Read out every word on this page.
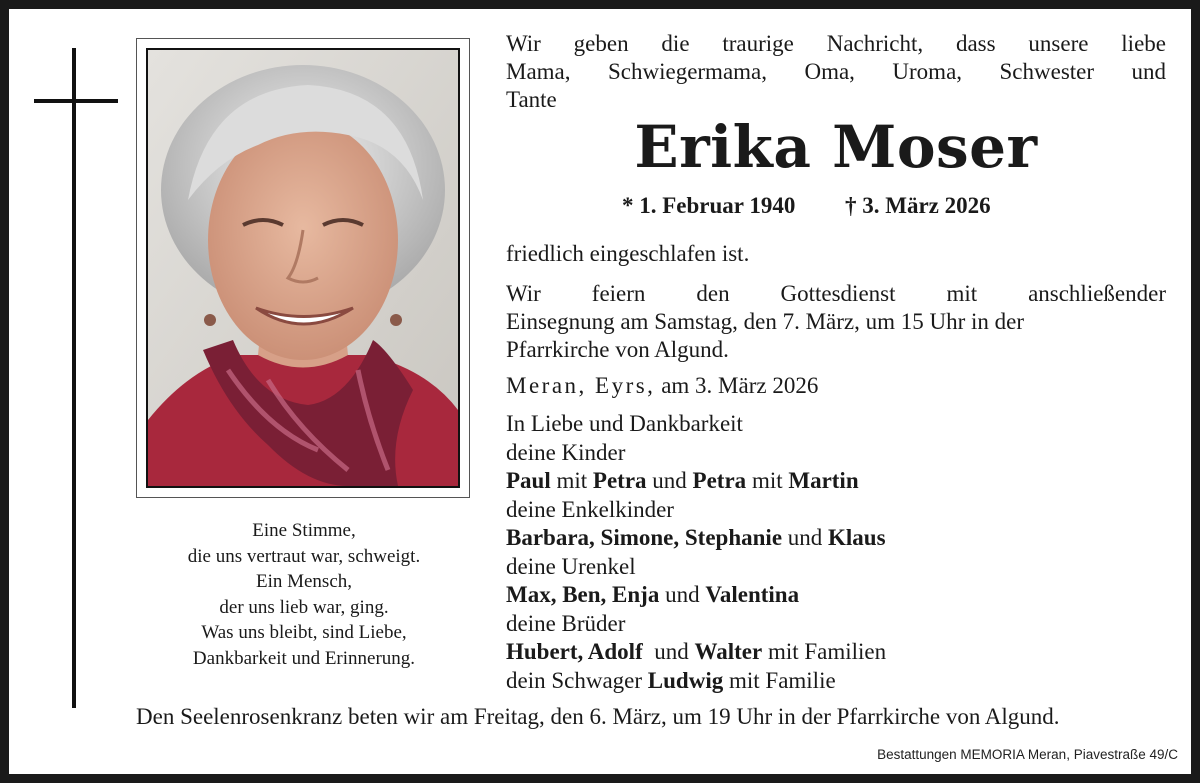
Eine Stimme,
die uns vertraut war, schweigt.
Ein Mensch,
der uns lieb war, ging.
Was uns bleibt, sind Liebe,
Dankbarkeit und Erinnerung.
Wir geben die traurige Nachricht, dass unsere liebe
Mama, Schwiegermama, Oma, Uroma, Schwester und
Tante
Erika Moser
* 1. Februar 1940 † 3. März 2026
friedlich eingeschlafen ist.
Wir feiern den Gottesdienst mit anschließender
Einsegnung am Samstag, den 7. März, um 15 Uhr in der
Pfarrkirche von Algund.
Meran, Eyrs, am 3. März 2026
In Liebe und Dankbarkeit
deine Kinder
Paul mit Petra und Petra mit Martin
deine Enkelkinder
Barbara, Simone, Stephanie und Klaus
deine Urenkel
Max, Ben, Enja und Valentina
deine Brüder
Hubert, Adolf und Walter mit Familien
dein Schwager Ludwig mit Familie
Den Seelenrosenkranz beten wir am Freitag, den 6. März, um 19 Uhr in der Pfarrkirche von Algund.
Bestattungen MEMORIA Meran, Piavestraße 49/C
